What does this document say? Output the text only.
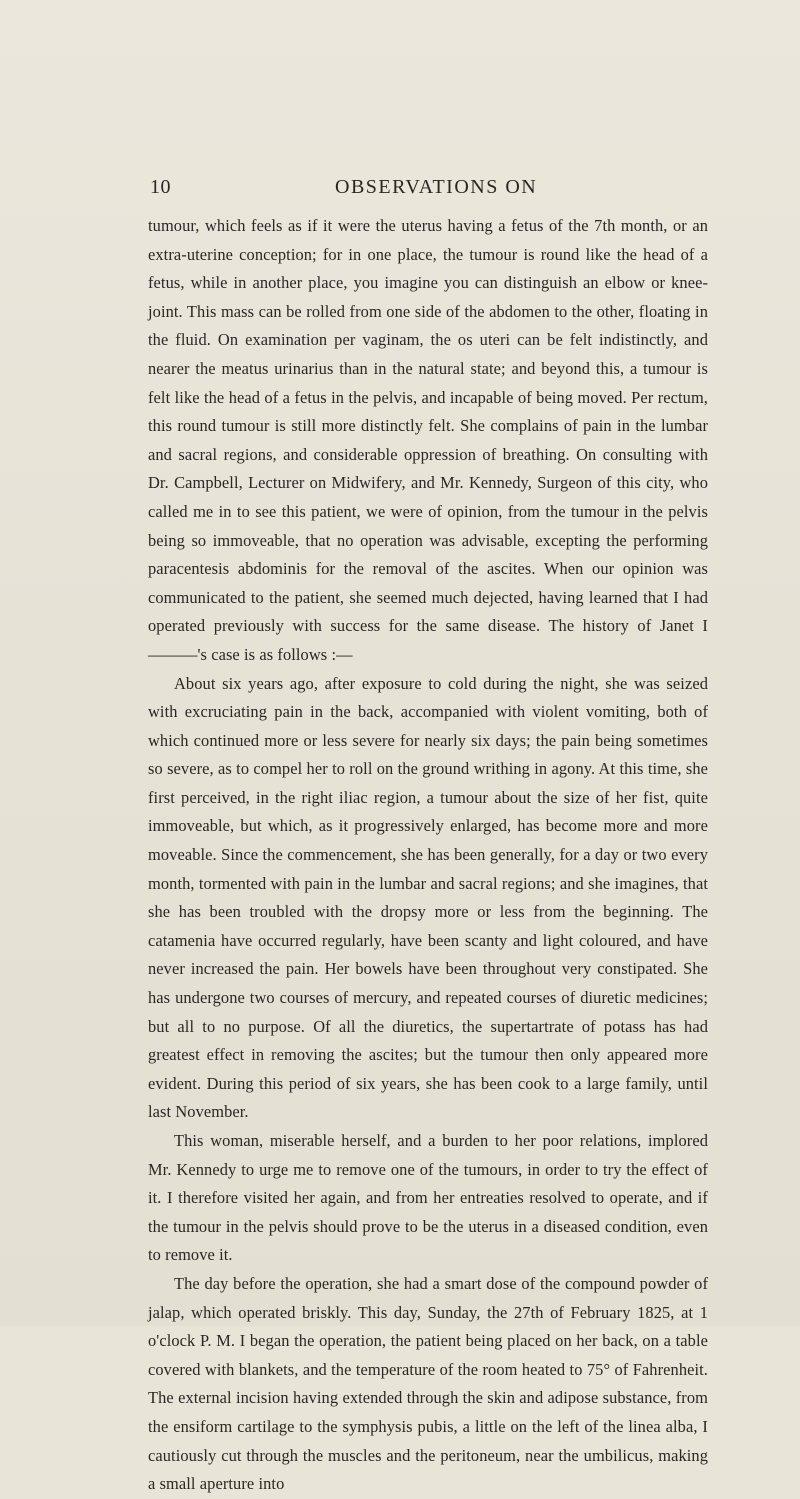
10	OBSERVATIONS ON

tumour, which feels as if it were the uterus having a fetus of the 7th month, or an extra-uterine conception; for in one place, the tumour is round like the head of a fetus, while in another place, you imagine you can distinguish an elbow or knee-joint. This mass can be rolled from one side of the abdomen to the other, floating in the fluid. On examination per vaginam, the os uteri can be felt indistinctly, and nearer the meatus urinarius than in the natural state; and beyond this, a tumour is felt like the head of a fetus in the pelvis, and incapable of being moved. Per rectum, this round tumour is still more distinctly felt. She complains of pain in the lumbar and sacral regions, and considerable oppression of breathing. On consulting with Dr. Campbell, Lecturer on Midwifery, and Mr. Kennedy, Surgeon of this city, who called me in to see this patient, we were of opinion, from the tumour in the pelvis being so immoveable, that no operation was advisable, excepting the performing paracentesis abdominis for the removal of the ascites. When our opinion was communicated to the patient, she seemed much dejected, having learned that I had operated previously with success for the same disease. The history of Janet I———'s case is as follows :—

About six years ago, after exposure to cold during the night, she was seized with excruciating pain in the back, accompanied with violent vomiting, both of which continued more or less severe for nearly six days; the pain being sometimes so severe, as to compel her to roll on the ground writhing in agony. At this time, she first perceived, in the right iliac region, a tumour about the size of her fist, quite immoveable, but which, as it progressively enlarged, has become more and more moveable. Since the commencement, she has been generally, for a day or two every month, tormented with pain in the lumbar and sacral regions; and she imagines, that she has been troubled with the dropsy more or less from the beginning. The catamenia have occurred regularly, have been scanty and light coloured, and have never increased the pain. Her bowels have been throughout very constipated. She has undergone two courses of mercury, and repeated courses of diuretic medicines; but all to no purpose. Of all the diuretics, the supertartrate of potass has had greatest effect in removing the ascites; but the tumour then only appeared more evident. During this period of six years, she has been cook to a large family, until last November.

This woman, miserable herself, and a burden to her poor relations, implored Mr. Kennedy to urge me to remove one of the tumours, in order to try the effect of it. I therefore visited her again, and from her entreaties resolved to operate, and if the tumour in the pelvis should prove to be the uterus in a diseased condition, even to remove it.

The day before the operation, she had a smart dose of the compound powder of jalap, which operated briskly. This day, Sunday, the 27th of February 1825, at 1 o'clock P. M. I began the operation, the patient being placed on her back, on a table covered with blankets, and the temperature of the room heated to 75° of Fahrenheit. The external incision having extended through the skin and adipose substance, from the ensiform cartilage to the symphysis pubis, a little on the left of the linea alba, I cautiously cut through the muscles and the peritoneum, near the umbilicus, making a small aperture into
